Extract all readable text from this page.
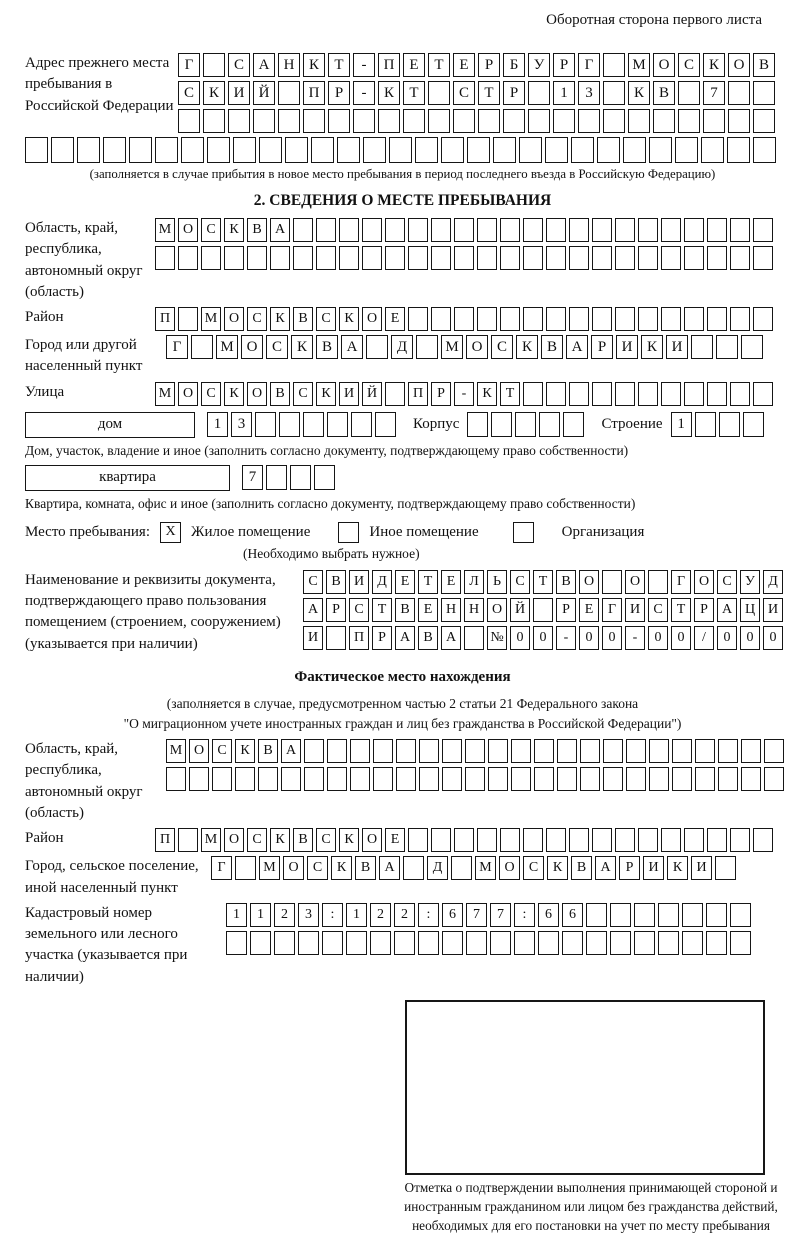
Оборотная сторона первого листа
Адрес прежнего места пребывания в Российской Федерации
Г	С А Н К	Т	-	П Е	Т	Е	Р	Б	У	Р	Г	М О С К О В
С К И Й	П	Р	-	К	Т	С	Т	Р	1	3	К В	7
(заполняется в случае прибытия в новое место пребывания в период последнего въезда в Российскую Федерацию)
2. СВЕДЕНИЯ О МЕСТЕ ПРЕБЫВАНИЯ
Область, край, республика, автономный округ (область)
М О С К В А
Район	П	М О С К В С К О Е
Город или другой населенный пункт
Г	М О С К В А	Д	М О С К В А	Р	И К И
Улица	М О С К О В С К И Й	П	Р	-	К	Т
дом	1	3	Корпус	Строение 1
Дом, участок, владение и иное (заполнить согласно документу, подтверждающему право собственности)
квартира	7
Квартира, комната, офис и иное (заполнить согласно документу, подтверждающему право собственности)
Место пребывания:	X	Жилое помещение	Иное помещение	Организация
(Необходимо выбрать нужное)
Наименование и реквизиты документа, подтверждающего право пользования помещением (строением, сооружением) (указывается при наличии)
С В И Д Е	Т	Е Л	Ь	С	Т	В О	О	Г О С У Д
А	Р	С	Т	В	Е Н Н О Й	Р	Е	Г И С	Т	Р	А Ц И
И	П	Р	А В А	№ 0	0	-	0	0	-	0	0	/	0	0	0
Фактическое место нахождения
(заполняется в случае, предусмотренном частью 2 статьи 21 Федерального закона
"О миграционном учете иностранных граждан и лиц без гражданства в Российской Федерации")
Область, край, республика, автономный округ (область)
М О С К В А
Район	П	М О С К В С К О Е
Город, сельское поселение, иной населенный пункт
Г	М О	С	К	В	А	Д	М О	С	К	В	А	Р	И	К	И
Кадастровый номер земельного или лесного участка (указывается при наличии)
1	1	2	3	:	1	2	2	:	6	7	7	:	6	6
Отметка о подтверждении выполнения принимающей стороной и иностранным гражданином или лицом без гражданства действий, необходимых для его постановки на учет по месту пребывания
